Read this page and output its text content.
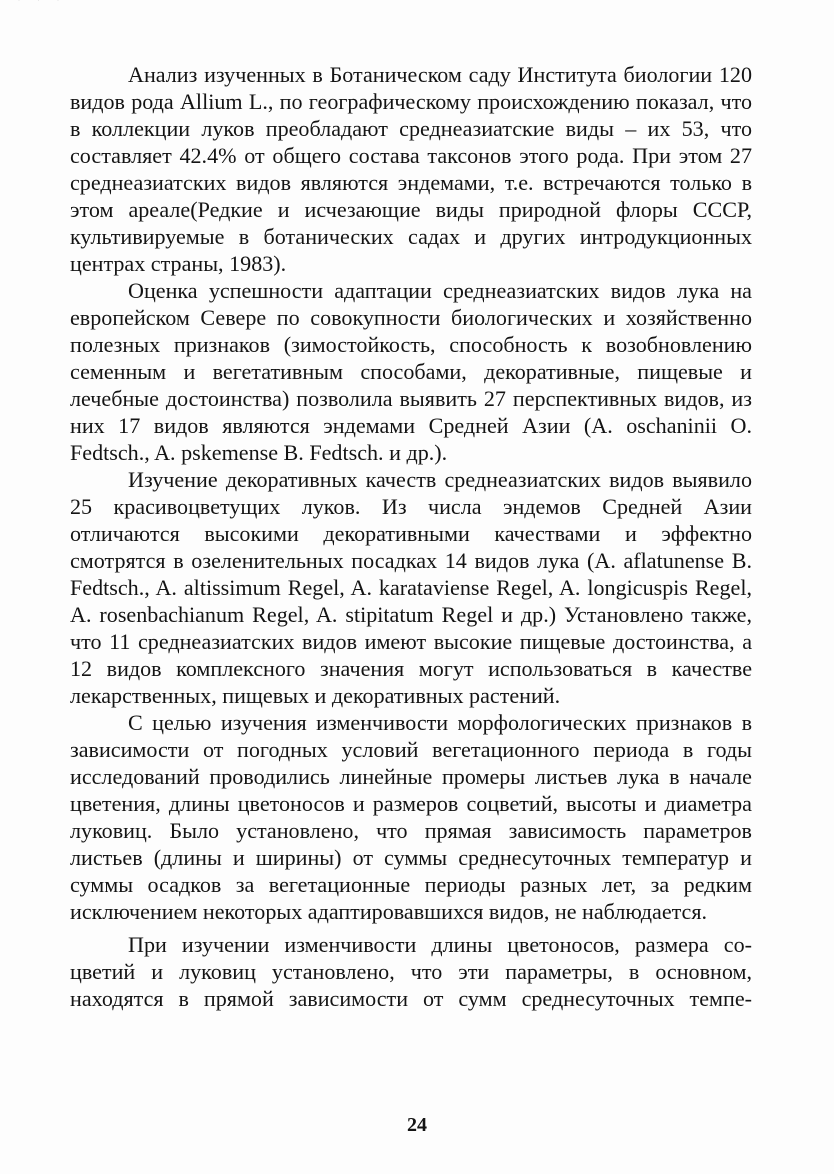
· · ·

Анализ изученных в Ботаническом саду Института биологии 120 видов рода Allium L., по географическому происхождению показал, что в коллекции луков преобладают среднеазиатские виды – их 53, что составляет 42.4% от общего состава таксонов этого рода. При этом 27 среднеазиатских видов являются эндемами, т.е. встречаются только в этом ареале(Редкие и исчезающие виды природной флоры СССР, культивируемые в ботанических садах и других интродукционных центрах страны, 1983).

Оценка успешности адаптации среднеазиатских видов лука на европейском Севере по совокупности биологических и хозяйственно полезных признаков (зимостойкость, способность к возобновлению семенным и вегетативным способами, декоративные, пищевые и лечебные достоинства) позволила выявить 27 перспективных видов, из них 17 видов являются эндемами Средней Азии (A. oschaninii O. Fedtsch., A. pskemense B. Fedtsch. и др.).

Изучение декоративных качеств среднеазиатских видов выявило 25 красивоцветущих луков. Из числа эндемов Средней Азии отличаются высокими декоративными качествами и эффектно смотрятся в озеленительных посадках 14 видов лука (A. aflatunense B. Fedtsch., A. altissimum Regel, A. karataviense Regel, A. longicuspis Regel, A. rosenbachianum Regel, A. stipitatum Regel и др.) Установлено также, что 11 среднеазиатских видов имеют высокие пищевые достоинства, а 12 видов комплексного значения могут использоваться в качестве лекарственных, пищевых и декоративных растений.

С целью изучения изменчивости морфологических признаков в зависимости от погодных условий вегетационного периода в годы исследований проводились линейные промеры листьев лука в начале цветения, длины цветоносов и размеров соцветий, высоты и диаметра луковиц. Было установлено, что прямая зависимость параметров листьев (длины и ширины) от суммы среднесуточных температур и суммы осадков за вегетационные периоды разных лет, за редким исключением некоторых адаптировавшихся видов, не наблюдается.

При изучении изменчивости длины цветоносов, размера соцветий и луковиц установлено, что эти параметры, в основном, находятся в прямой зависимости от сумм среднесуточных темпе-

24
